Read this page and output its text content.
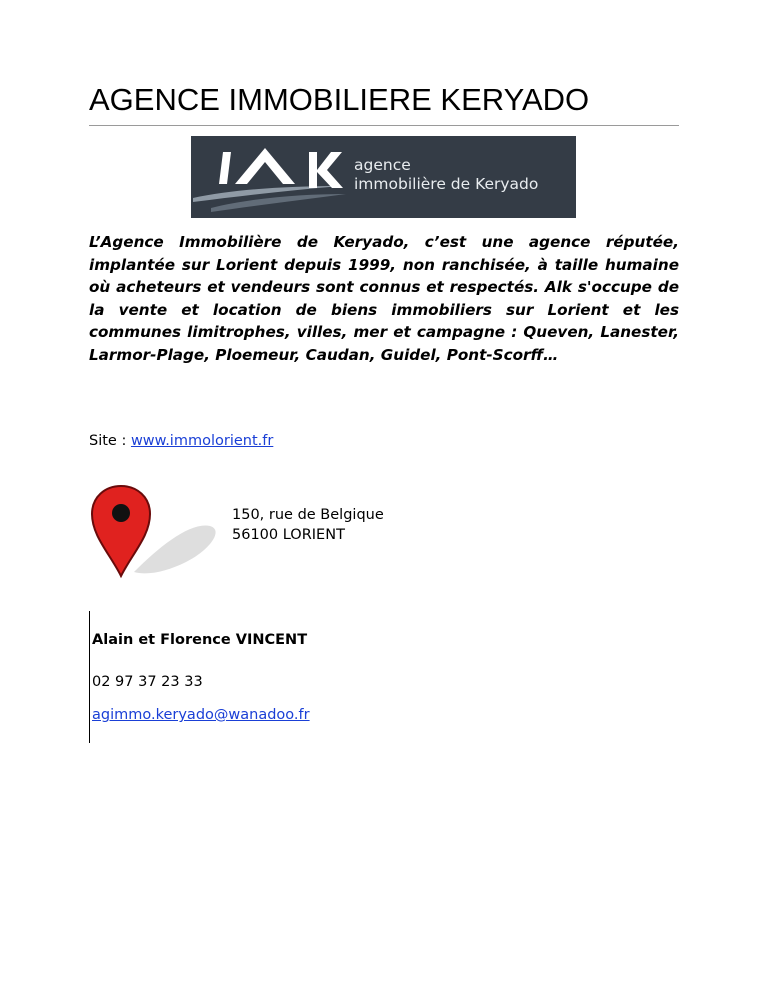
AGENCE IMMOBILIERE KERYADO
agence
immobilière de Keryado
L’Agence Immobilière de Keryado, c’est une agence réputée, implantée sur Lorient depuis 1999, non ranchisée, à taille humaine où acheteurs et vendeurs sont connus et respectés. Alk s'occupe de la vente et location de biens immobiliers sur Lorient et les communes limitrophes, villes, mer et campagne : Queven, Lanester, Larmor-Plage, Ploemeur, Caudan, Guidel, Pont-Scorff…
Site : www.immolorient.fr
150, rue de Belgique
56100 LORIENT
Alain et Florence VINCENT
02 97 37 23 33
agimmo.keryado@wanadoo.fr
